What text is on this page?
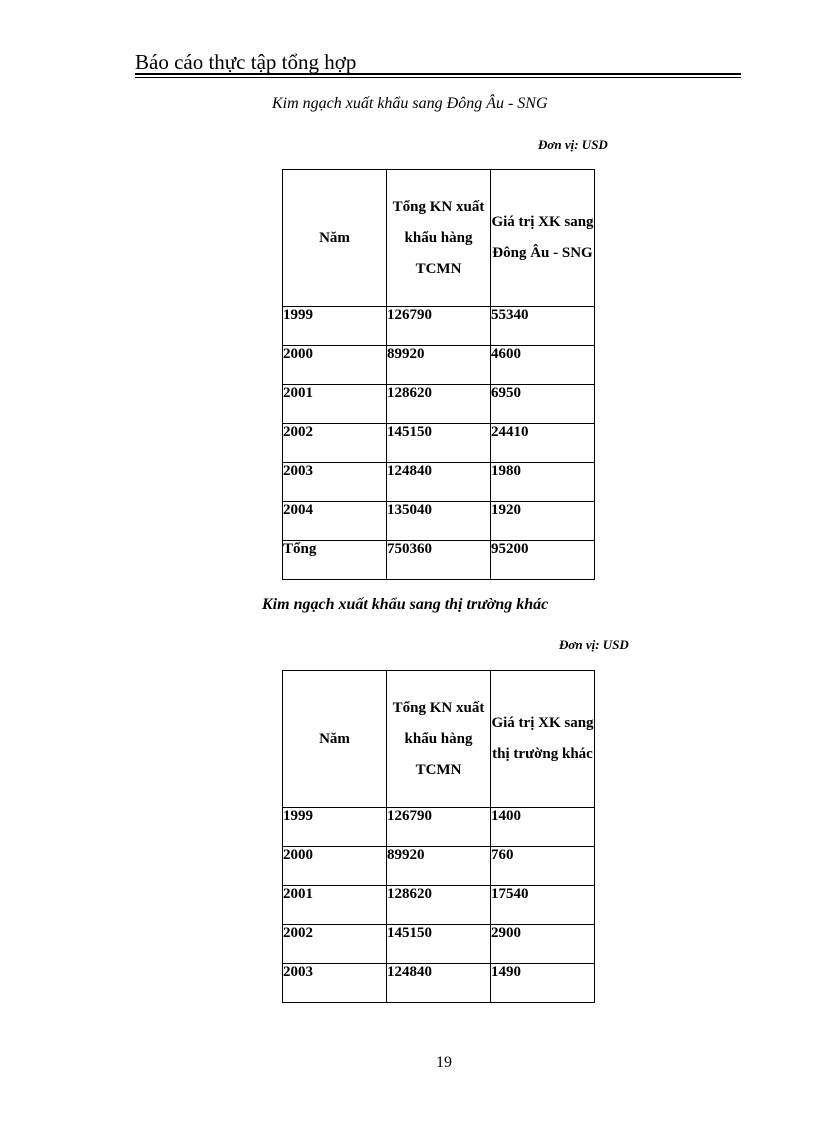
Báo cáo thực tập tổng hợp
Kim ngạch xuất khẩu sang Đông Âu - SNG
Đơn vị: USD
Năm	Tổng KN xuất khẩu hàng TCMN	Giá trị XK sang Đông Âu - SNG
1999	126790	55340
2000	89920	4600
2001	128620	6950
2002	145150	24410
2003	124840	1980
2004	135040	1920
Tổng	750360	95200
Kim ngạch xuất khẩu sang thị trường khác
Đơn vị: USD
Năm	Tổng KN xuất khẩu hàng TCMN	Giá trị XK sang thị trường khác
1999	126790	1400
2000	89920	760
2001	128620	17540
2002	145150	2900
2003	124840	1490
19
